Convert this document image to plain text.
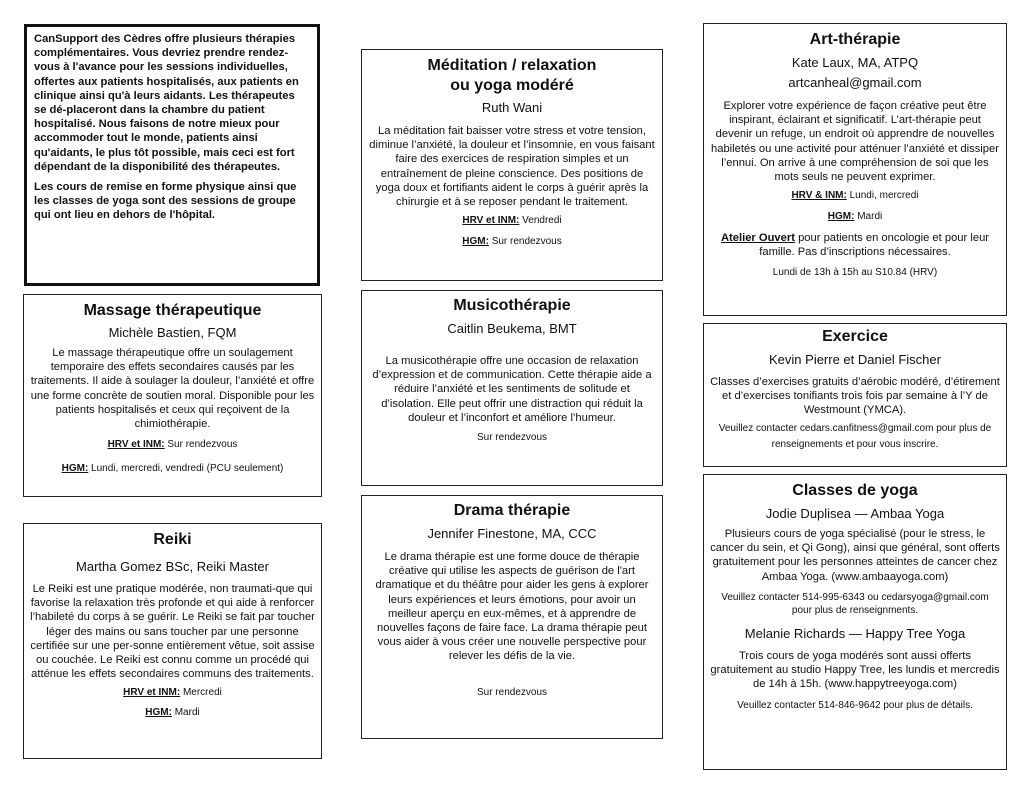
CanSupport des Cèdres offre plusieurs thérapies complémentaires. Vous devriez prendre rendez-vous à l'avance pour les sessions individuelles, offertes aux patients hospitalisés, aux patients en clinique ainsi qu'à leurs aidants. Les thérapeutes se dé-placeront dans la chambre du patient hospitalisé. Nous faisons de notre mieux pour accommoder tout le monde, patients ainsi qu'aidants, le plus tôt possible, mais ceci est fort dépendant de la disponibilité des thérapeutes.

Les cours de remise en forme physique ainsi que les classes de yoga sont des sessions de groupe qui ont lieu en dehors de l'hôpital.

Massage thérapeutique
Michèle Bastien, FQM
Le massage thérapeutique offre un soulagement temporaire des effets secondaires causés par les traitements. Il aide à soulager la douleur, l’anxiété et offre une forme concrète de soutien moral. Disponible pour les patients hospitalisés et ceux qui reçoivent de la chimiothérapie.
HRV et INM: Sur rendezvous
HGM: Lundi, mercredi, vendredi (PCU seulement)
Reiki
Martha Gomez BSc, Reiki Master
Le Reiki est une pratique modérée, non traumati-que qui favorise la relaxation très profonde et qui aide à renforcer l’habileté du corps à se guérir. Le Reiki se fait par toucher léger des mains ou sans toucher par une personne certifiée sur une per-sonne entièrement vêtue, soit assise ou couchée. Le Reiki est connu comme un procédé qui atténue les effets secondaires communs des traitements.
HRV et INM: Mercredi
HGM: Mardi
Méditation / relaxation
ou yoga modéré
Ruth Wani
La méditation fait baisser votre stress et votre tension, diminue l’anxiété, la douleur et l’insomnie, en vous faisant faire des exercices de respiration simples et un entraînement de pleine conscience. Des positions de yoga doux et fortifiants aident le corps à guérir après la chirurgie et à se reposer pendant le traitement.
HRV et INM: Vendredi
HGM: Sur rendezvous
Musicothérapie
Caitlin Beukema, BMT
La musicothérapie offre une occasion de relaxation d’expression et de communication. Cette thérapie aide a réduire l’anxiété et les sentiments de solitude et d’isolation. Elle peut offrir une distraction qui réduit la douleur et l’inconfort et améliore l’humeur.
Sur rendezvous
Drama thérapie
Jennifer Finestone, MA, CCC
Le drama thérapie est une forme douce de thérapie créative qui utilise les aspects de guérison de l'art dramatique et du théâtre pour aider les gens à explorer leurs expériences et leurs émotions, pour avoir un meilleur aperçu en eux-mêmes, et à apprendre de nouvelles façons de faire face. La drama thérapie peut vous aider à vous créer une nouvelle perspective pour relever les défis de la vie.
Sur rendezvous
Art-thérapie
Kate Laux, MA, ATPQ
artcanheal@gmail.com
Explorer votre expérience de façon créative peut être inspirant, éclairant et significatif. L’art-thérapie peut devenir un refuge, un endroit où apprendre de nouvelles habiletés ou une activité pour atténuer l’anxiété et dissiper l’ennui. On arrive à une compréhension de soi que les mots seuls ne peuvent exprimer.
HRV & INM: Lundi, mercredi
HGM: Mardi
Atelier Ouvert pour patients en oncologie et pour leur famille. Pas d’inscriptions nécessaires.
Lundi de 13h à 15h au S10.84 (HRV)
Exercice
Kevin Pierre et Daniel Fischer
Classes d’exercises gratuits d’aérobic modéré, d’étirement et d’exercises tonifiants trois fois par semaine à l’Y de Westmount (YMCA).
Veuillez contacter cedars.canfitness@gmail.com pour plus de renseignements et pour vous inscrire.
Classes de yoga
Jodie Duplisea — Ambaa Yoga
Plusieurs cours de yoga spécialisé (pour le stress, le cancer du sein, et Qi Gong), ainsi que général, sont offerts gratuitement pour les personnes atteintes de cancer chez Ambaa Yoga. (www.ambaayoga.com)
Veuillez contacter 514-995-6343 ou cedarsyoga@gmail.com pour plus de renseignments.
Melanie Richards — Happy Tree Yoga
Trois cours de yoga modérés sont aussi offerts gratuitement au studio Happy Tree, les lundis et mercredis de 14h à 15h. (www.happytreeyoga.com)
Veuillez contacter 514-846-9642 pour plus de détails.
